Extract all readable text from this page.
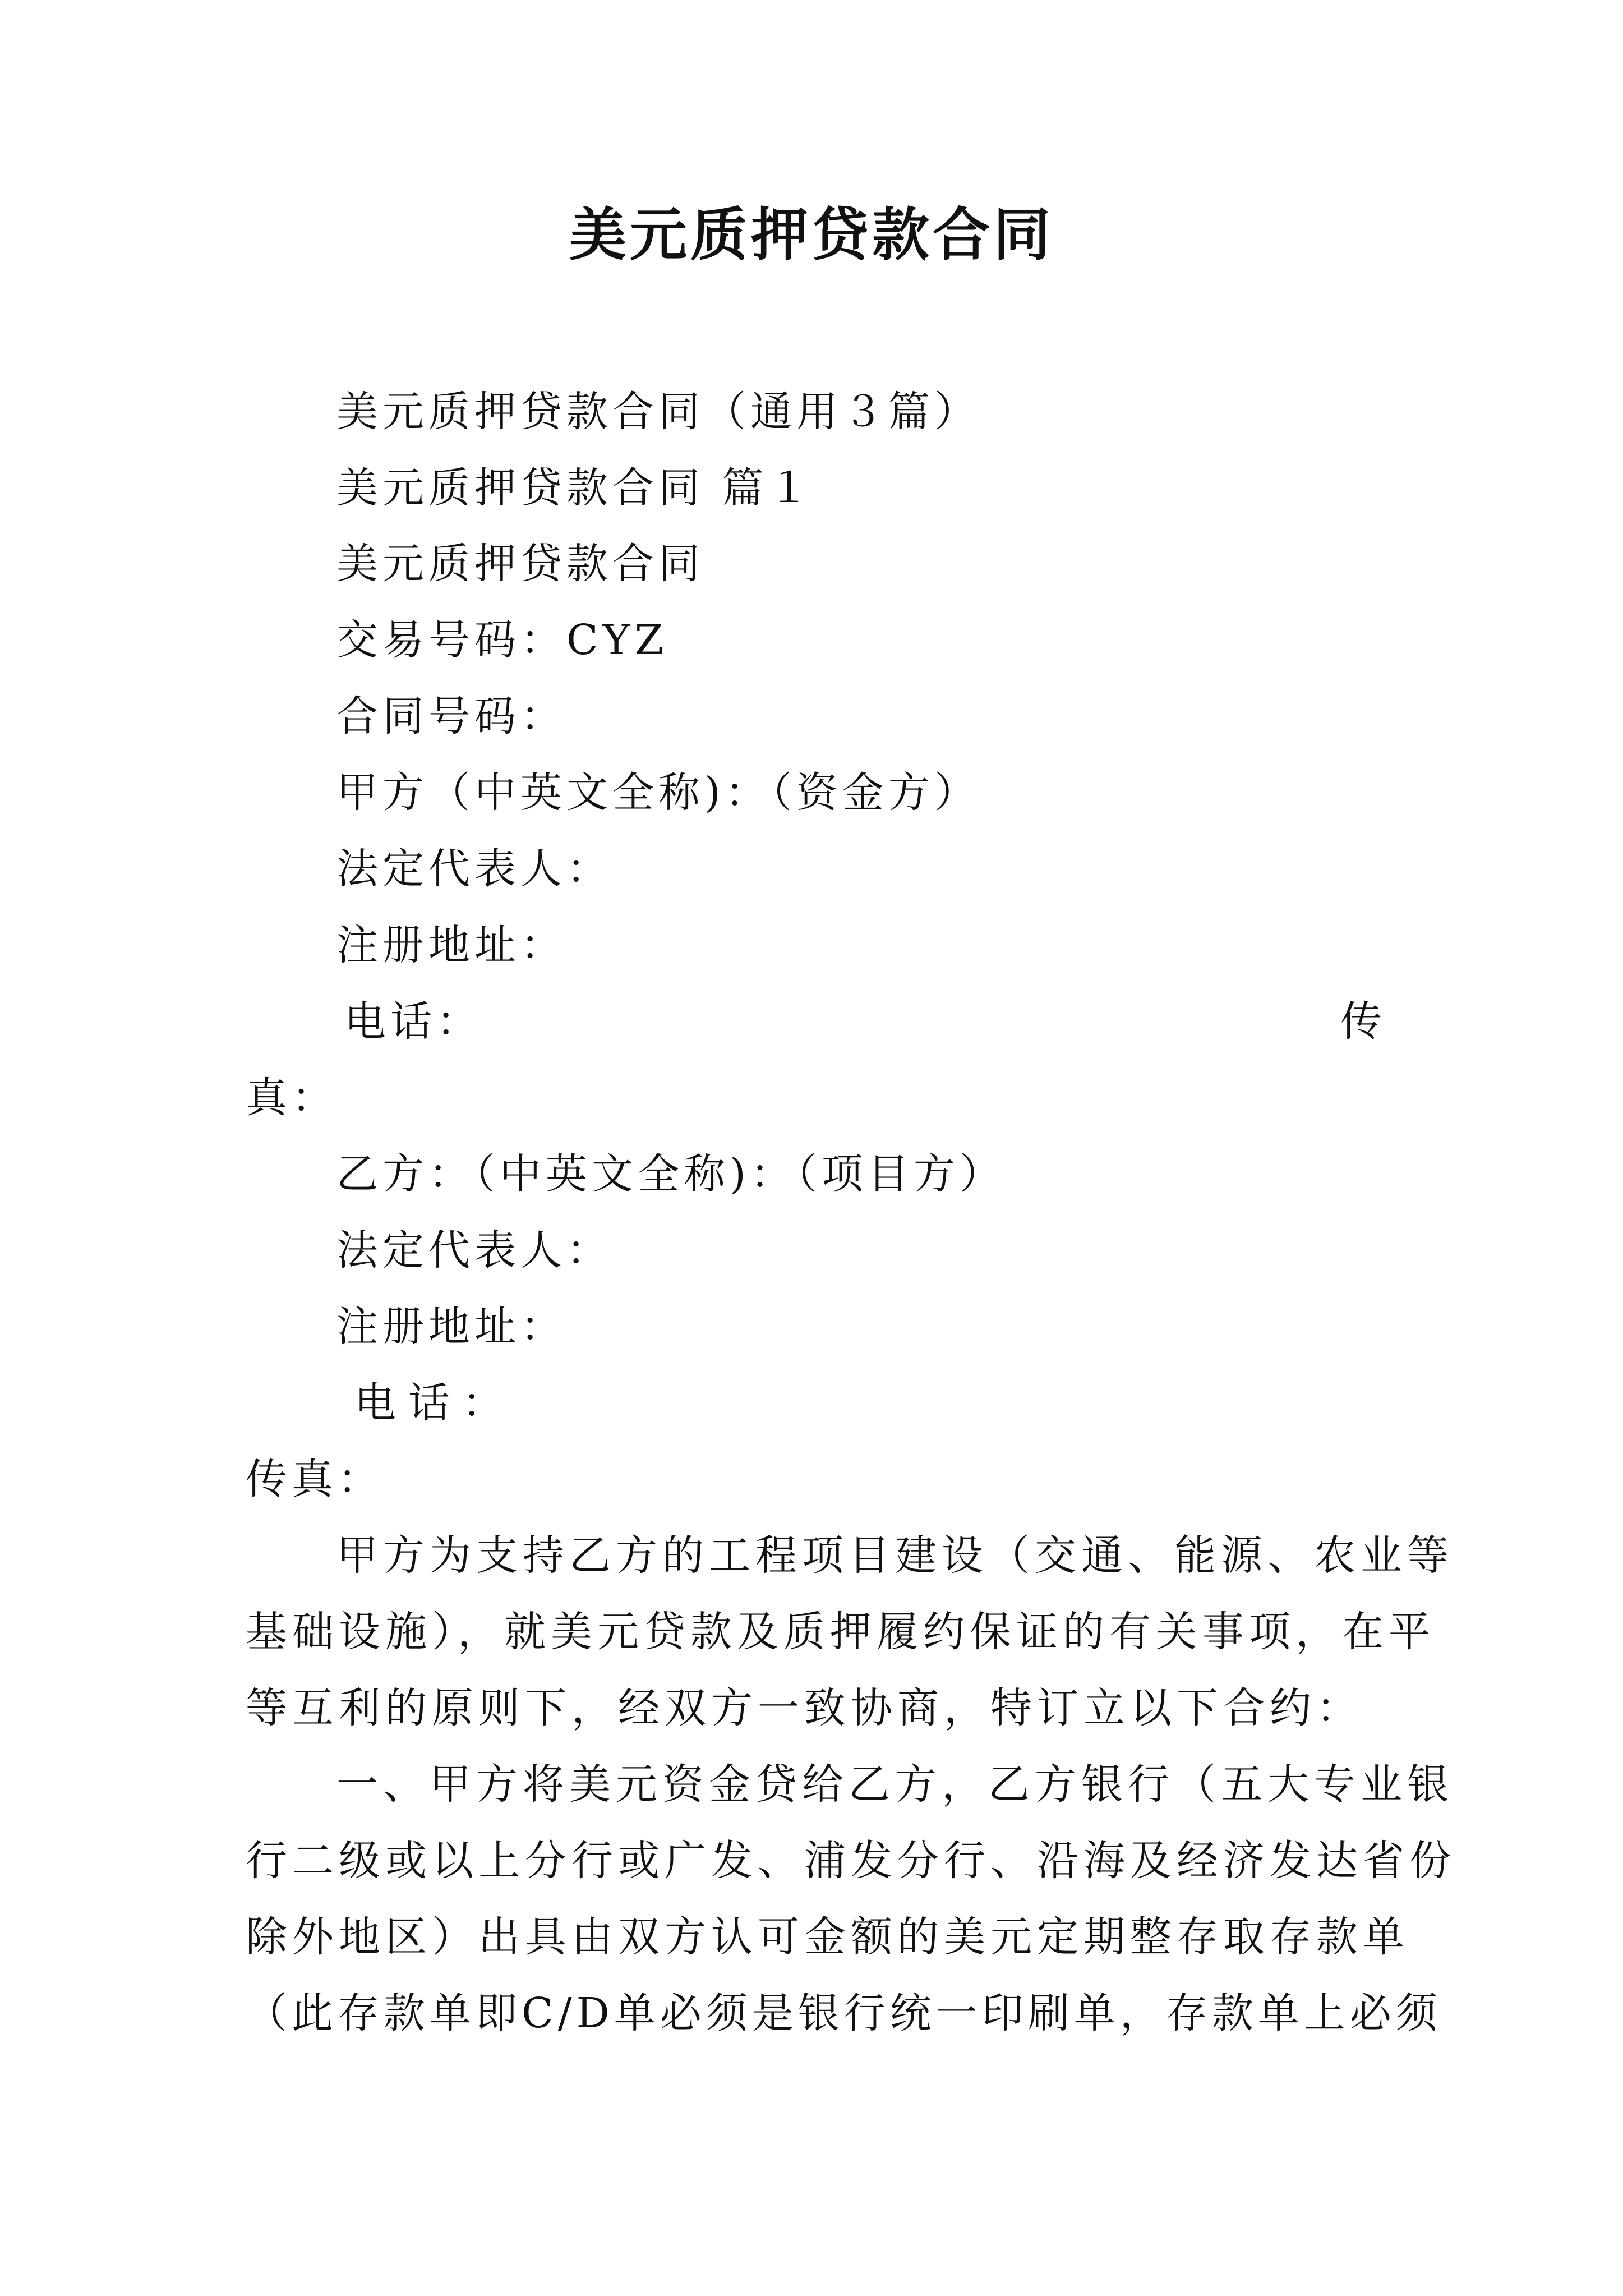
美元质押贷款合同
美元质押贷款合同（通用３篇）
美元质押贷款合同 篇１
美元质押贷款合同
交易号码：CYZ
合同号码：
甲方（中英文全称)：（资金方）
法定代表人：
注册地址：
电话：	传
真：
乙方：（中英文全称)：（项目方）
法定代表人：
注册地址：
电话：
传真：
甲方为支持乙方的工程项目建设（交通、能源、农业等
基础设施），就美元贷款及质押履约保证的有关事项，在平
等互利的原则下，经双方一致协商，特订立以下合约：
一、甲方将美元资金贷给乙方，乙方银行（五大专业银
行二级或以上分行或广发、浦发分行、沿海及经济发达省份
除外地区）出具由双方认可金额的美元定期整存取存款单
（此存款单即C/D单必须是银行统一印刷单，存款单上必须
